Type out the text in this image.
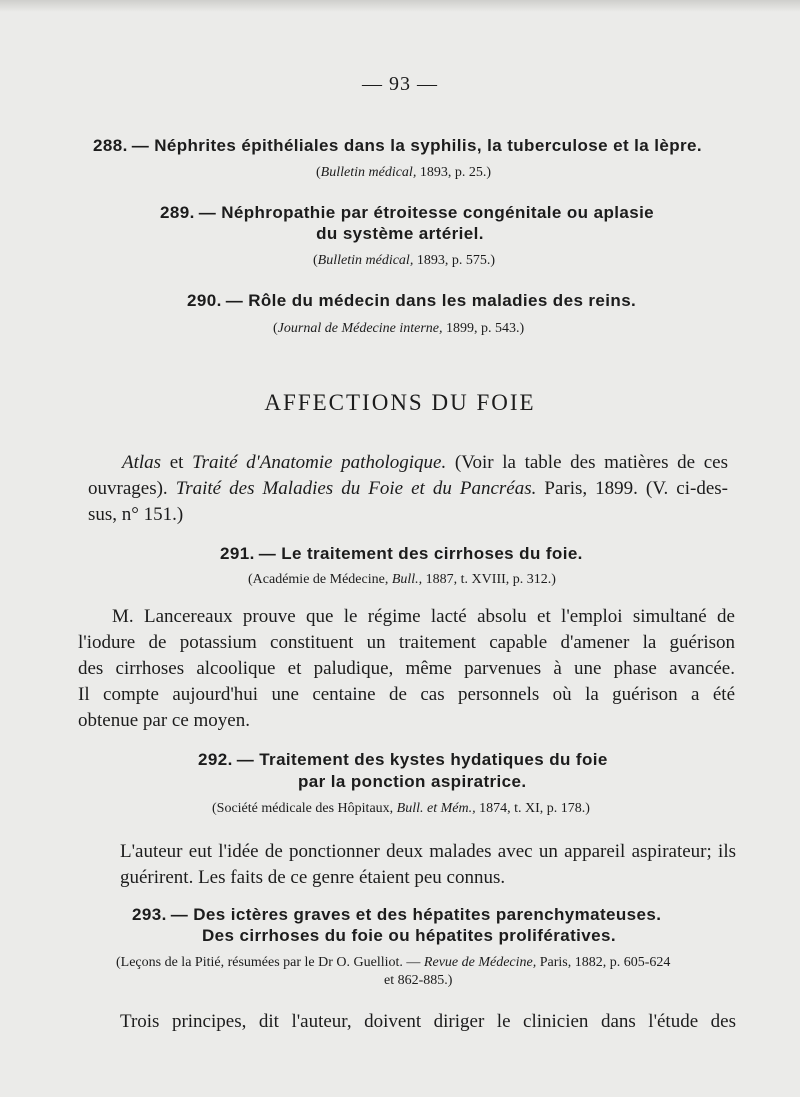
— 93 —
288. — Néphrites épithéliales dans la syphilis, la tuberculose et la lèpre.
(Bulletin médical, 1893, p. 25.)
289. — Néphropathie par étroitesse congénitale ou aplasie
du système artériel.
(Bulletin médical, 1893, p. 575.)
290. — Rôle du médecin dans les maladies des reins.
(Journal de Médecine interne, 1899, p. 543.)
AFFECTIONS DU FOIE
Atlas et Traité d'Anatomie pathologique. (Voir la table des matières de ces
ouvrages). Traité des Maladies du Foie et du Pancréas. Paris, 1899. (V. ci-des-
sus, n° 151.)
291. — Le traitement des cirrhoses du foie.
(Académie de Médecine, Bull., 1887, t. XVIII, p. 312.)
M. Lancereaux prouve que le régime lacté absolu et l'emploi simultané de
l'iodure de potassium constituent un traitement capable d'amener la guérison
des cirrhoses alcoolique et paludique, même parvenues à une phase avancée.
Il compte aujourd'hui une centaine de cas personnels où la guérison a été
obtenue par ce moyen.
292. — Traitement des kystes hydatiques du foie
par la ponction aspiratrice.
(Société médicale des Hôpitaux, Bull. et Mém., 1874, t. XI, p. 178.)
L'auteur eut l'idée de ponctionner deux malades avec un appareil aspirateur; ils
guérirent. Les faits de ce genre étaient peu connus.
293. — Des ictères graves et des hépatites parenchymateuses.
Des cirrhoses du foie ou hépatites prolifératives.
(Leçons de la Pitié, résumées par le Dr O. Guelliot. — Revue de Médecine, Paris, 1882, p. 605-624
et 862-885.)
Trois principes, dit l'auteur, doivent diriger le clinicien dans l'étude des
